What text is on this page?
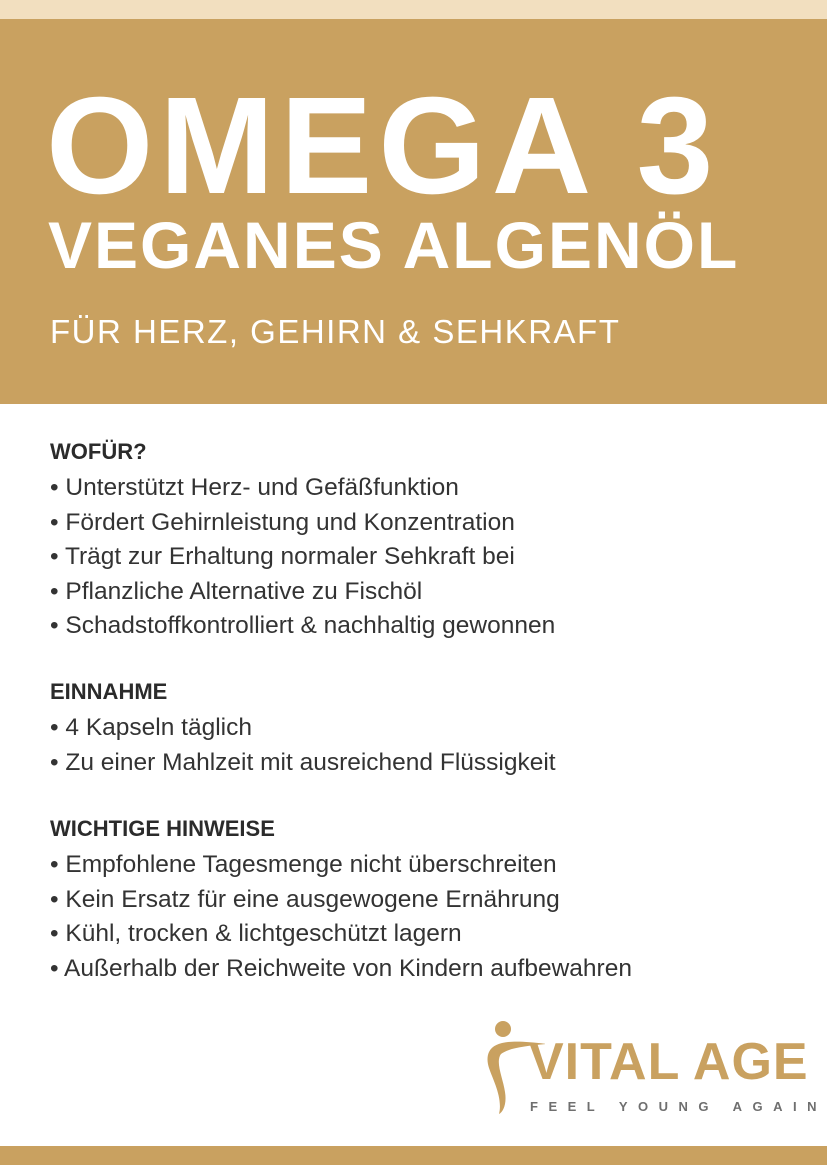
OMEGA 3
VEGANES ALGENÖL
FÜR HERZ, GEHIRN & SEHKRAFT
WOFÜR?
• Unterstützt Herz- und Gefäßfunktion
• Fördert Gehirnleistung und Konzentration
• Trägt zur Erhaltung normaler Sehkraft bei
• Pflanzliche Alternative zu Fischöl
• Schadstoffkontrolliert & nachhaltig gewonnen
EINNAHME
• 4 Kapseln täglich
• Zu einer Mahlzeit mit ausreichend Flüssigkeit
WICHTIGE HINWEISE
• Empfohlene Tagesmenge nicht überschreiten
• Kein Ersatz für eine ausgewogene Ernährung
• Kühl, trocken & lichtgeschützt lagern
• Außerhalb der Reichweite von Kindern aufbewahren
VITAL AGE
FEEL YOUNG AGAIN
